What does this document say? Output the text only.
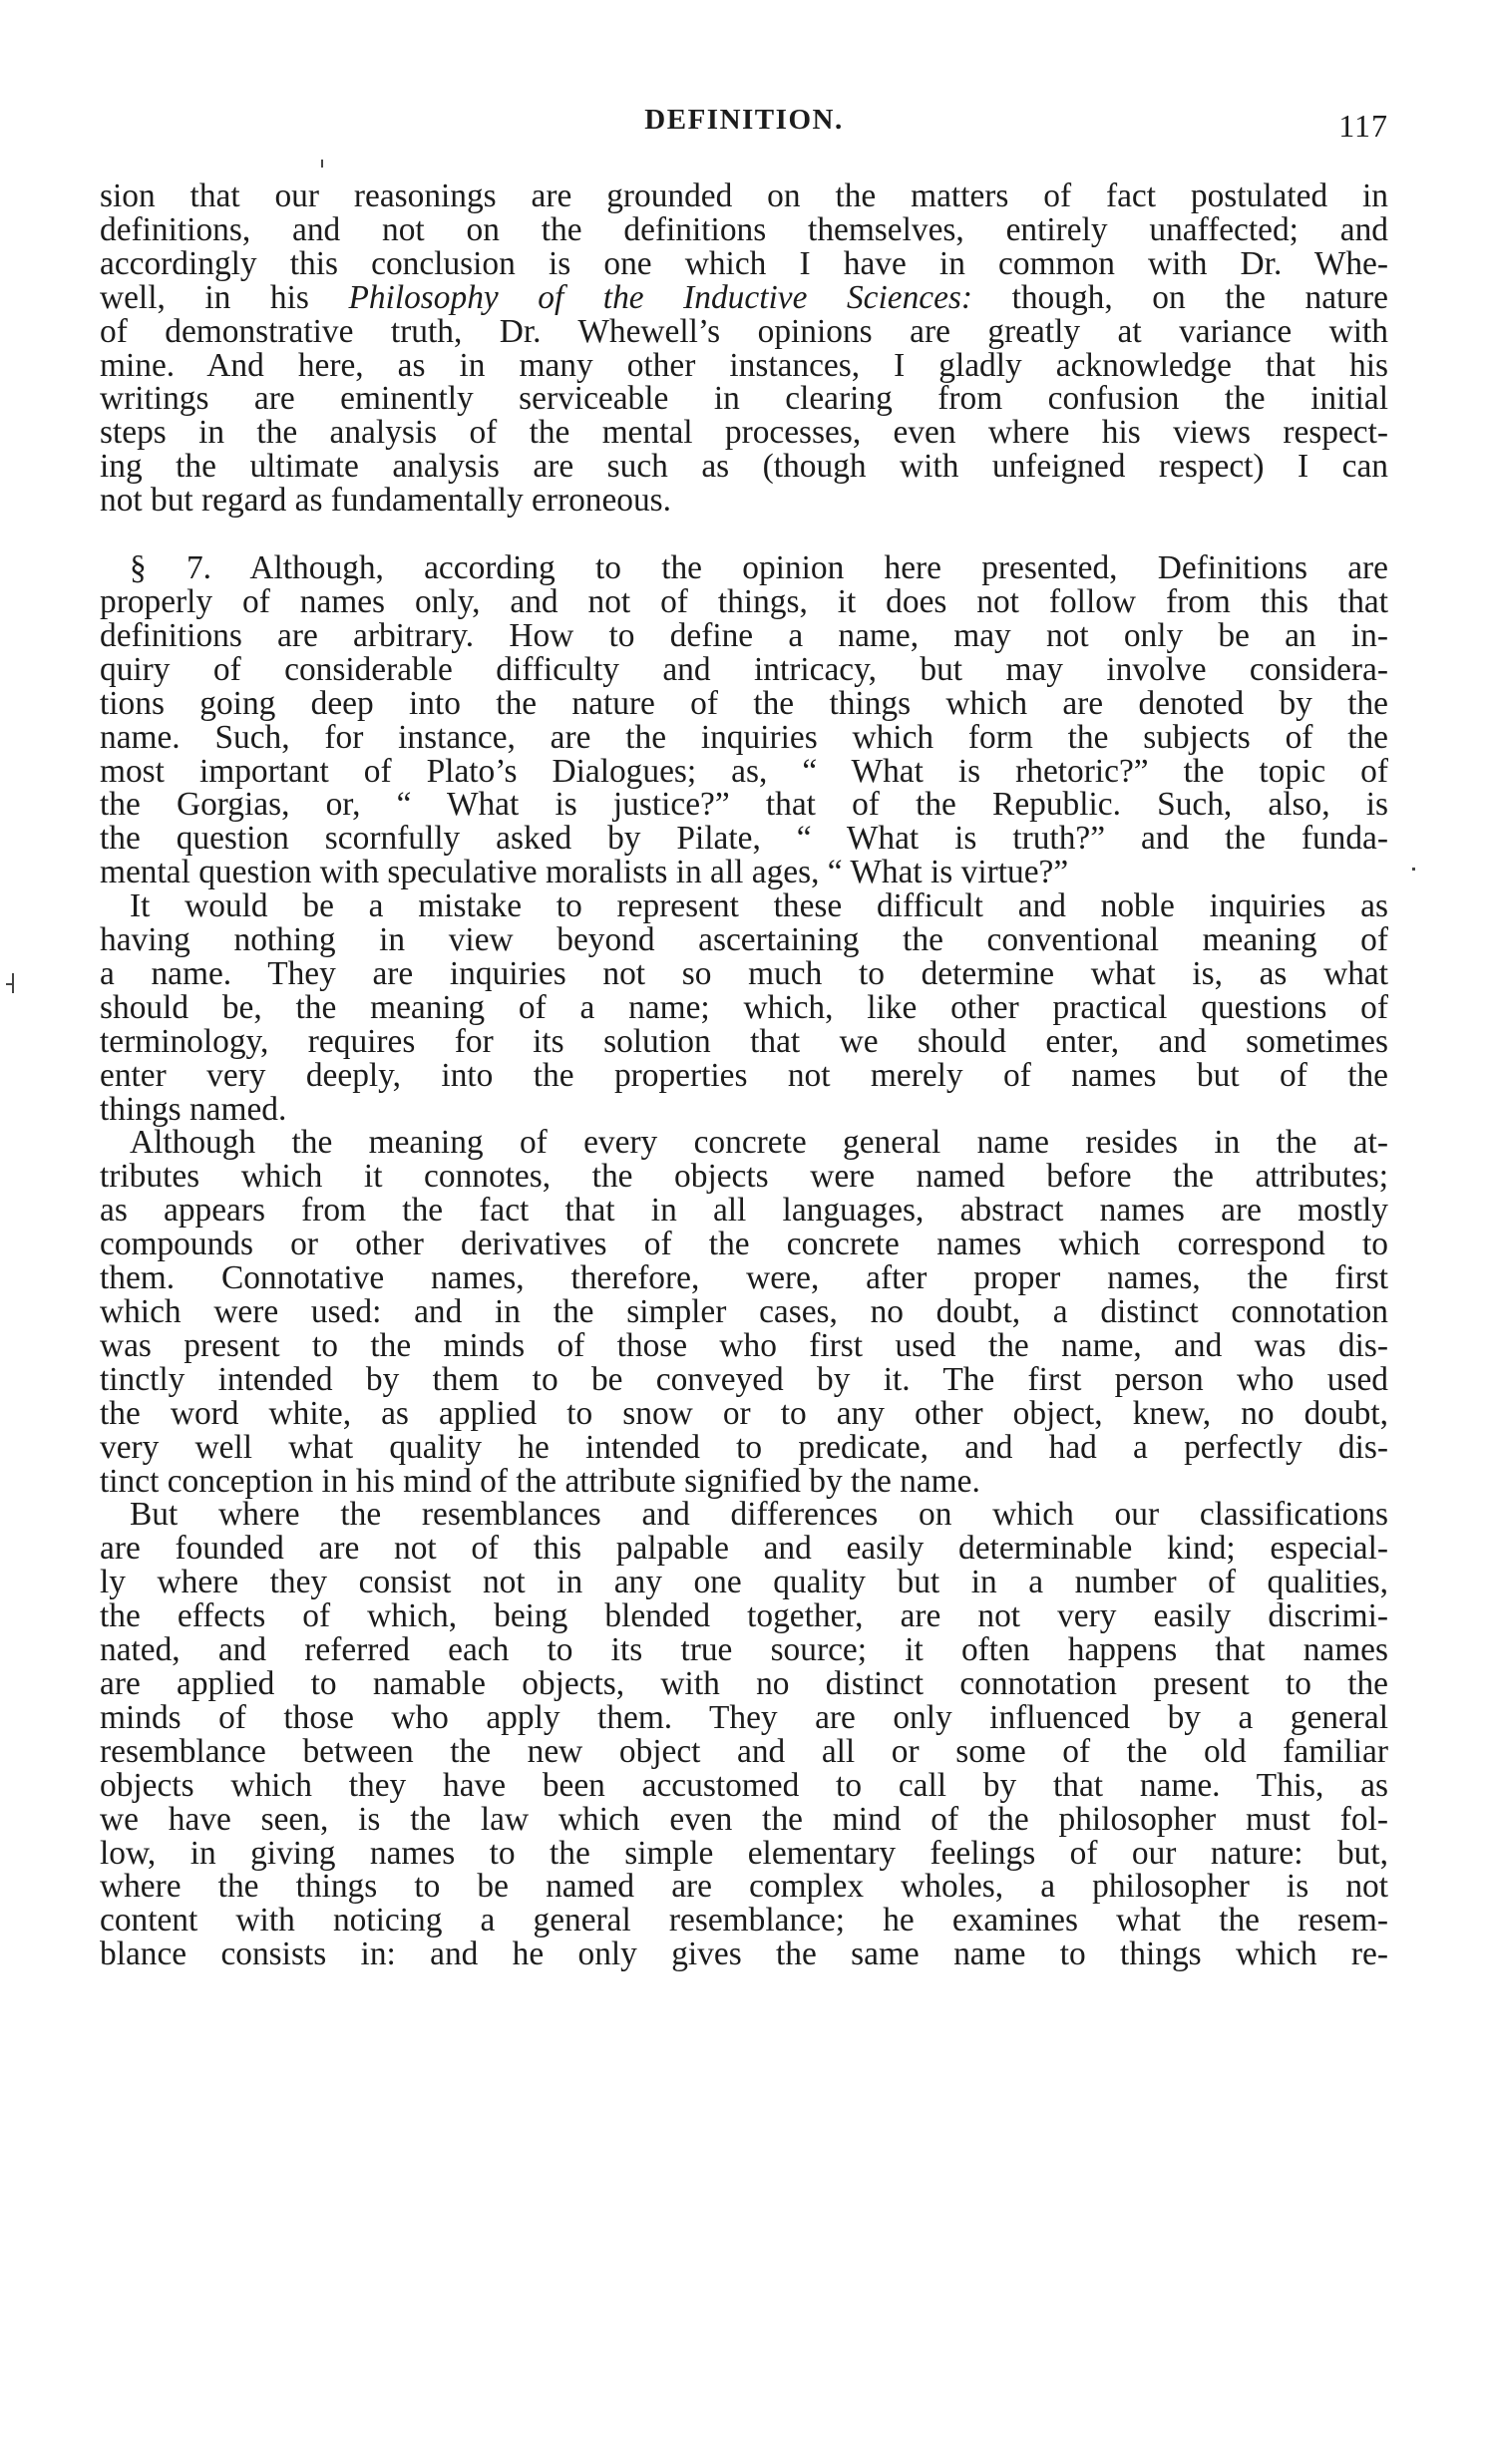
DEFINITION.	117
sion that our reasonings are grounded on the matters of fact postulated in
definitions, and not on the definitions themselves, entirely unaffected; and
accordingly this conclusion is one which I have in common with Dr. Whe-
well, in his Philosophy of the Inductive Sciences: though, on the nature
of demonstrative truth, Dr. Whewell’s opinions are greatly at variance with
mine. And here, as in many other instances, I gladly acknowledge that his
writings are eminently serviceable in clearing from confusion the initial
steps in the analysis of the mental processes, even where his views respect-
ing the ultimate analysis are such as (though with unfeigned respect) I can
not but regard as fundamentally erroneous.
§ 7. Although, according to the opinion here presented, Definitions are
properly of names only, and not of things, it does not follow from this that
definitions are arbitrary. How to define a name, may not only be an in-
quiry of considerable difficulty and intricacy, but may involve considera-
tions going deep into the nature of the things which are denoted by the
name. Such, for instance, are the inquiries which form the subjects of the
most important of Plato’s Dialogues; as, “ What is rhetoric?” the topic of
the Gorgias, or, “ What is justice?” that of the Republic. Such, also, is
the question scornfully asked by Pilate, “ What is truth?” and the funda-
mental question with speculative moralists in all ages, “ What is virtue?”
It would be a mistake to represent these difficult and noble inquiries as
having nothing in view beyond ascertaining the conventional meaning of
a name. They are inquiries not so much to determine what is, as what
should be, the meaning of a name; which, like other practical questions of
terminology, requires for its solution that we should enter, and sometimes
enter very deeply, into the properties not merely of names but of the
things named.
Although the meaning of every concrete general name resides in the at-
tributes which it connotes, the objects were named before the attributes;
as appears from the fact that in all languages, abstract names are mostly
compounds or other derivatives of the concrete names which correspond to
them. Connotative names, therefore, were, after proper names, the first
which were used: and in the simpler cases, no doubt, a distinct connotation
was present to the minds of those who first used the name, and was dis-
tinctly intended by them to be conveyed by it. The first person who used
the word white, as applied to snow or to any other object, knew, no doubt,
very well what quality he intended to predicate, and had a perfectly dis-
tinct conception in his mind of the attribute signified by the name.
But where the resemblances and differences on which our classifications
are founded are not of this palpable and easily determinable kind; especial-
ly where they consist not in any one quality but in a number of qualities,
the effects of which, being blended together, are not very easily discrimi-
nated, and referred each to its true source; it often happens that names
are applied to namable objects, with no distinct connotation present to the
minds of those who apply them. They are only influenced by a general
resemblance between the new object and all or some of the old familiar
objects which they have been accustomed to call by that name. This, as
we have seen, is the law which even the mind of the philosopher must fol-
low, in giving names to the simple elementary feelings of our nature: but,
where the things to be named are complex wholes, a philosopher is not
content with noticing a general resemblance; he examines what the resem-
blance consists in: and he only gives the same name to things which re-
